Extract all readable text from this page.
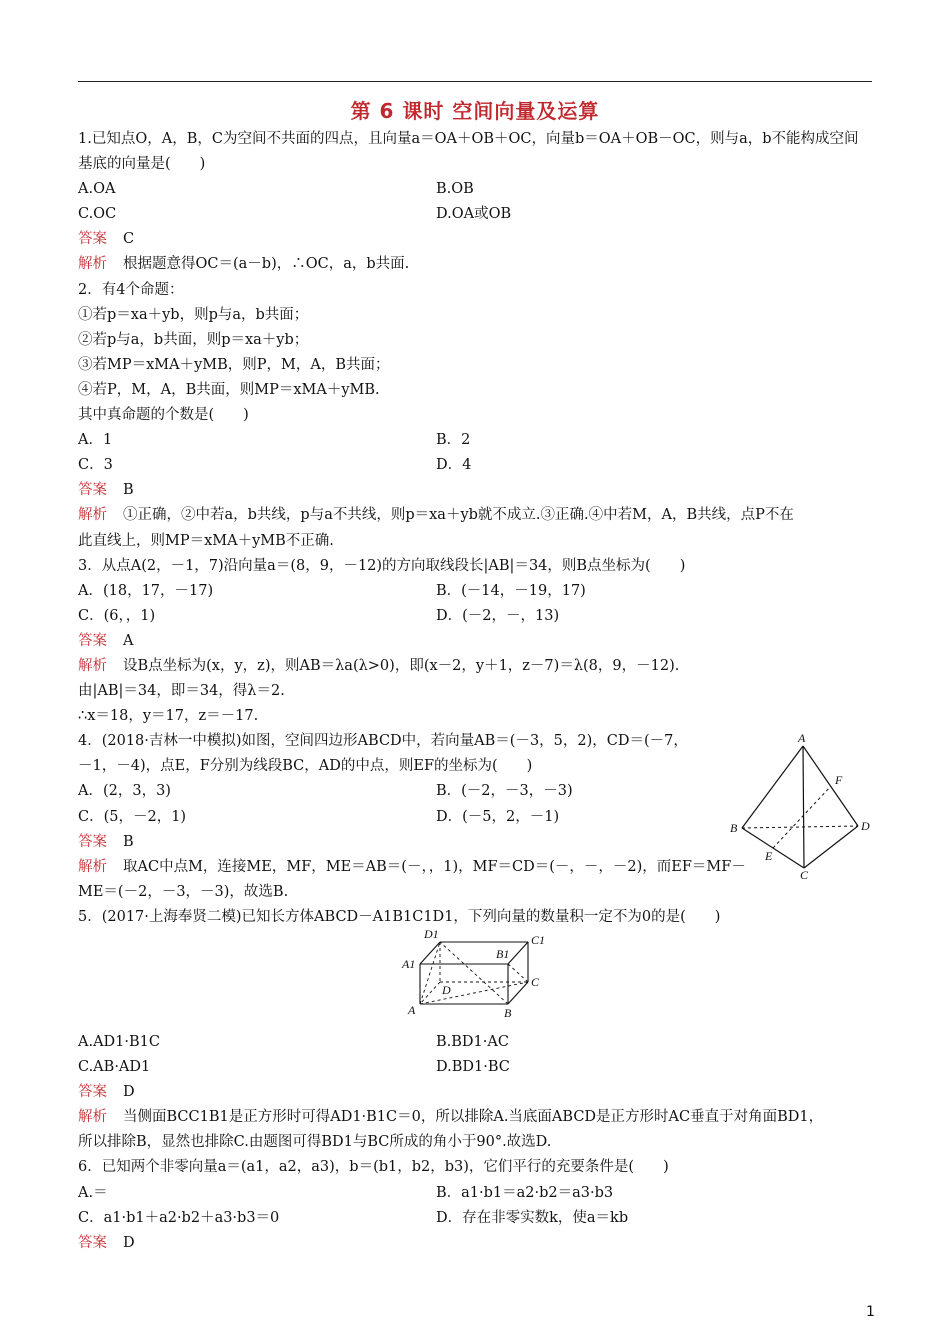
第 6 课时 空间向量及运算
1.已知点O，A，B，C为空间不共面的四点，且向量a＝OA＋OB＋OC，向量b＝OA＋OB－OC，则与a，b不能构成空间
基底的向量是(　　)
A.OA	B.OB
C.OC	D.OA或OB
答案 C
解析 根据题意得OC＝(a－b)，∴OC，a，b共面.
2．有4个命题：
①若p＝xa＋yb，则p与a，b共面；
②若p与a，b共面，则p＝xa＋yb；
③若MP＝xMA＋yMB，则P，M，A，B共面；
④若P，M，A，B共面，则MP＝xMA＋yMB.
其中真命题的个数是(　　)
A．1	B．2
C．3	D．4
答案 B
解析 ①正确，②中若a，b共线，p与a不共线，则p＝xa＋yb就不成立.③正确.④中若M，A，B共线，点P不在
此直线上，则MP＝xMA＋yMB不正确.
3．从点A(2，－1，7)沿向量a＝(8，9，－12)的方向取线段长|AB|＝34，则B点坐标为(　　)
A．(18，17，－17)	B．(－14，－19，17)
C．(6，，1)	D．(－2，－，13)
答案 A
解析 设B点坐标为(x，y，z)，则AB＝λa(λ>0)，即(x－2，y＋1，z－7)＝λ(8，9，－12).
由|AB|＝34，即＝34，得λ＝2.
∴x＝18，y＝17，z＝－17.
4．(2018·吉林一中模拟)如图，空间四边形ABCD中，若向量AB＝(－3，5，2)，CD＝(－7，
－1，－4)，点E，F分别为线段BC，AD的中点，则EF的坐标为(　　)
A．(2，3，3)	B．(－2，－3，－3)
C．(5，－2，1)	D．(－5，2，－1)
答案 B
解析 取AC中点M，连接ME，MF，ME＝AB＝(－，，1)，MF＝CD＝(－，－，－2)，而EF＝MF－
ME＝(－2，－3，－3)，故选B.
5．(2017·上海奉贤二模)已知长方体ABCD－A1B1C1D1，下列向量的数量积一定不为0的是(　　)
A.AD1·B1C	B.BD1·AC
C.AB·AD1	D.BD1·BC
答案 D
解析 当侧面BCC1B1是正方形时可得AD1·B1C＝0，所以排除A.当底面ABCD是正方形时AC垂直于对角面BD1，
所以排除B，显然也排除C.由题图可得BD1与BC所成的角小于90°.故选D.
6．已知两个非零向量a＝(a1，a2，a3)，b＝(b1，b2，b3)，它们平行的充要条件是(　　)
A.＝	B．a1·b1＝a2·b2＝a3·b3
C．a1·b1＋a2·b2＋a3·b3＝0	D．存在非零实数k，使a＝kb
答案 D
A
F
B	D
E
C
D1	C1
A1
B1
D
C
A	B
1
